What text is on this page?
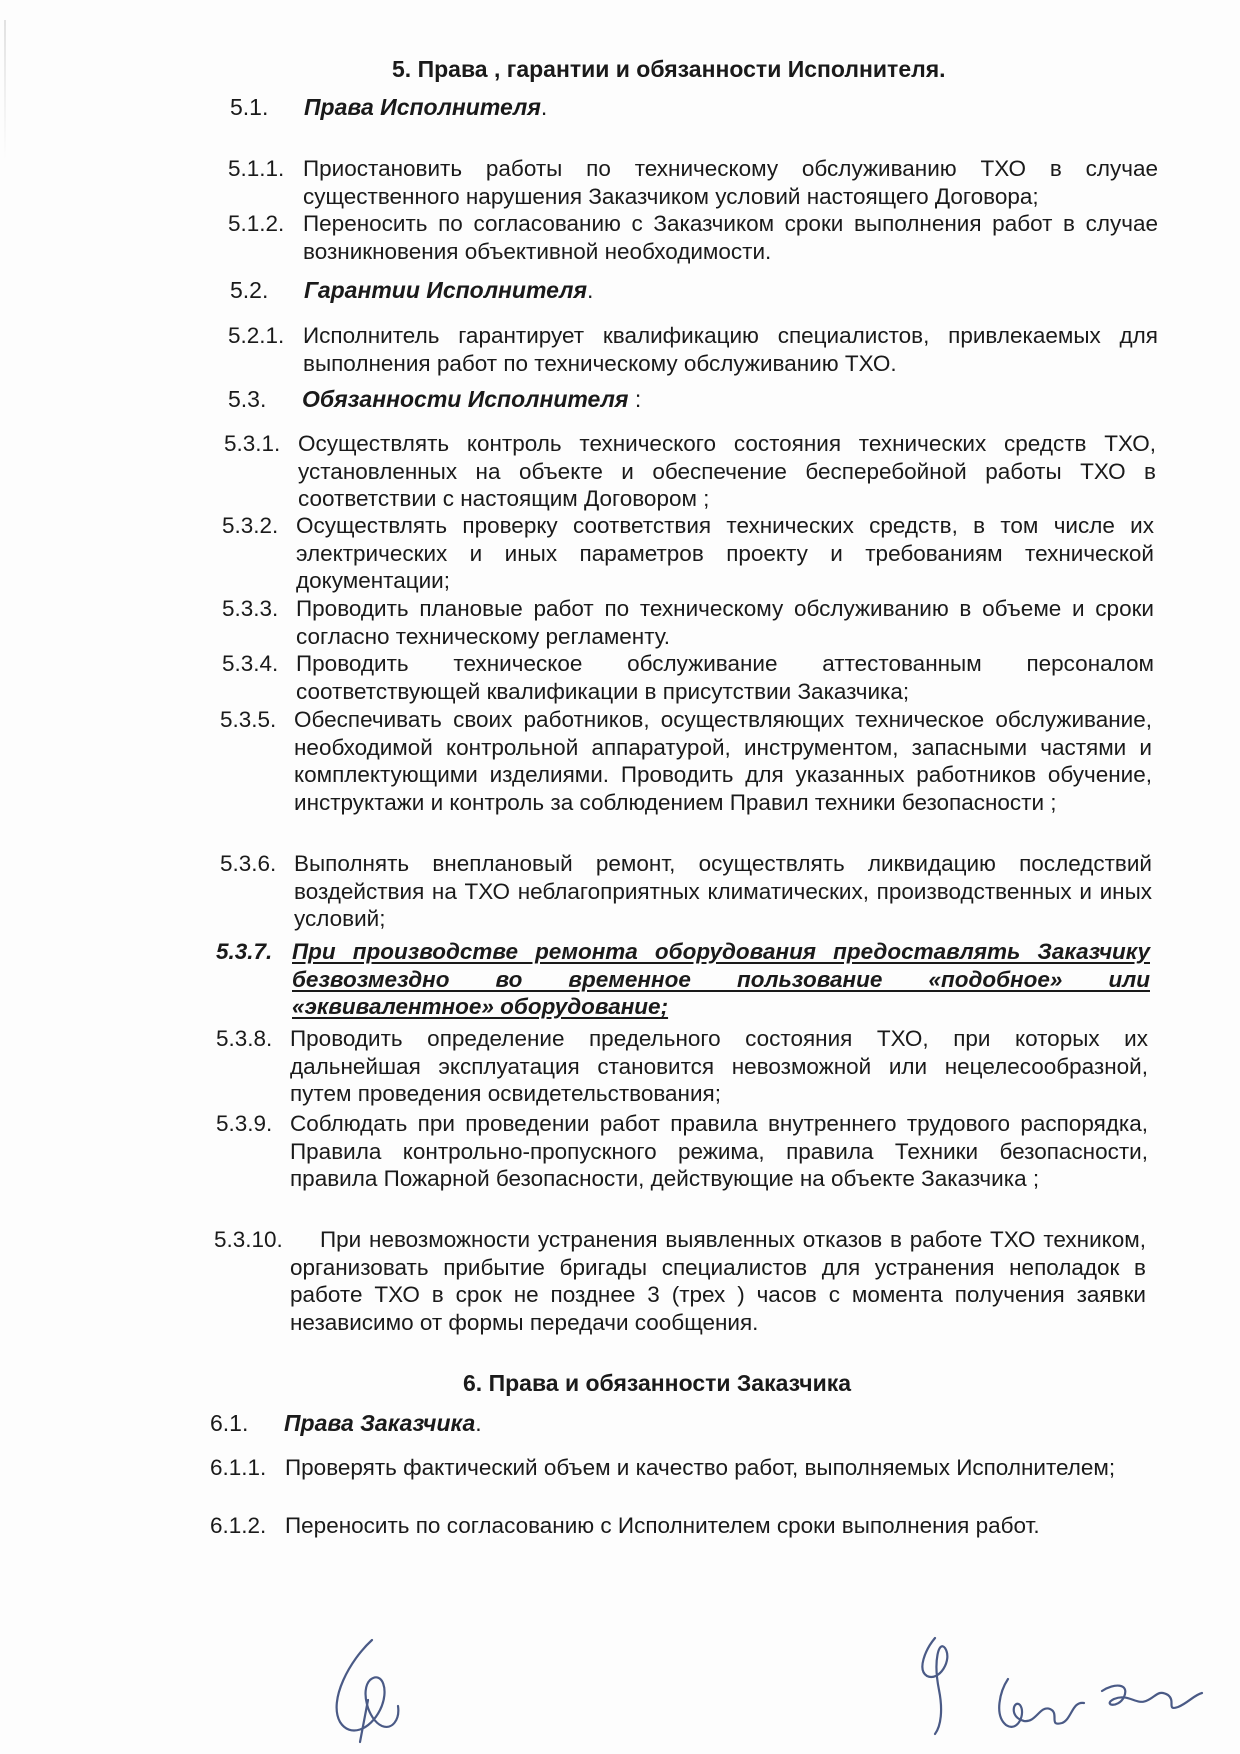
5. Права , гарантии и обязанности Исполнителя.
5.1. Права Исполнителя.
5.1.1. Приостановить работы по техническому обслуживанию ТХО в случае существенного нарушения Заказчиком условий настоящего Договора;
5.1.2. Переносить по согласованию с Заказчиком сроки выполнения работ в случае возникновения объективной необходимости.
5.2. Гарантии Исполнителя.
5.2.1. Исполнитель гарантирует квалификацию специалистов, привлекаемых для выполнения работ по техническому обслуживанию ТХО.
5.3. Обязанности Исполнителя :
5.3.1. Осуществлять контроль технического состояния технических средств ТХО, установленных на объекте и обеспечение бесперебойной работы ТХО в соответствии с настоящим Договором ;
5.3.2. Осуществлять проверку соответствия технических средств, в том числе их электрических и иных параметров проекту и требованиям технической документации;
5.3.3. Проводить плановые работ по техническому обслуживанию в объеме и сроки согласно техническому регламенту.
5.3.4. Проводить техническое обслуживание аттестованным персоналом соответствующей квалификации в присутствии Заказчика;
5.3.5. Обеспечивать своих работников, осуществляющих техническое обслуживание, необходимой контрольной аппаратурой, инструментом, запасными частями и комплектующими изделиями. Проводить для указанных работников обучение, инструктажи и контроль за соблюдением Правил техники безопасности ;
5.3.6. Выполнять внеплановый ремонт, осуществлять ликвидацию последствий воздействия на ТХО неблагоприятных климатических, производственных и иных условий;
5.3.7. При производстве ремонта оборудования предоставлять Заказчику безвозмездно во временное пользование «подобное» или «эквивалентное» оборудование;
5.3.8. Проводить определение предельного состояния ТХО, при которых их дальнейшая эксплуатация становится невозможной или нецелесообразной, путем проведения освидетельствования;
5.3.9. Соблюдать при проведении работ правила внутреннего трудового распорядка, Правила контрольно-пропускного режима, правила Техники безопасности, правила Пожарной безопасности, действующие на объекте Заказчика ;
5.3.10.	При невозможности устранения выявленных отказов в работе ТХО техником, организовать прибытие бригады специалистов для устранения неполадок в работе ТХО в срок не позднее 3 (трех ) часов с момента получения заявки независимо от формы передачи сообщения.
6. Права и обязанности Заказчика
6.1. Права Заказчика.
6.1.1. Проверять фактический объем и качество работ, выполняемых Исполнителем;
6.1.2. Переносить по согласованию с Исполнителем сроки выполнения работ.
